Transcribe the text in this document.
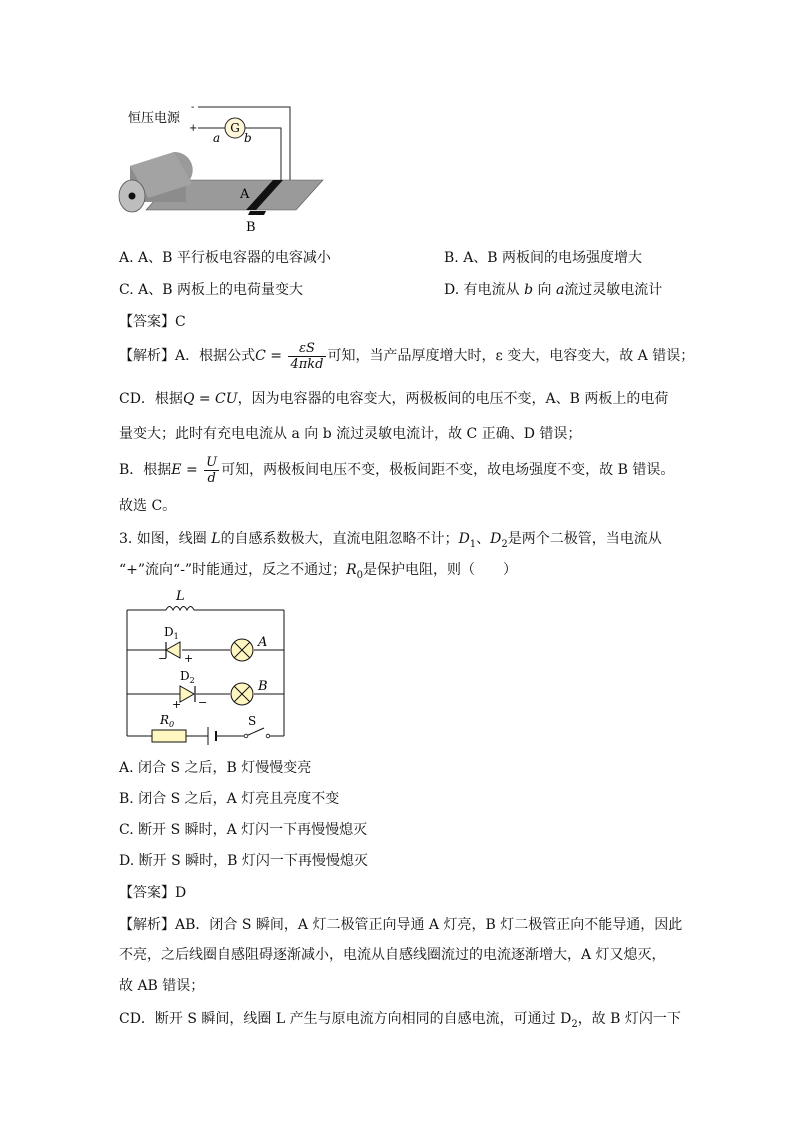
G
恒压电源
-
+
a b
A
B
A. A、B 平行板电容器的电容减小	B. A、B 两板间的电场强度增大
C. A、B 两板上的电荷量变大	D. 有电流从 b 向 a流过灵敏电流计
【答案】C
【解析】A．根据公式$C = \frac{\varepsilon S}{\text{4πkd}}$ 可知，当产品厚度增大时，ε 变大，电容变大，故 A 错误；
CD．根据Q = CU，因为电容器的电容变大，两极板间的电压不变，A、B 两板上的电荷
量变大；此时有充电电流从 a 向 b 流过灵敏电流计，故 C 正确、D 错误；
B．根据$E = \frac{U}{d}$ 可知，两极板间电压不变，极板间距不变，故电场强度不变，故 B 错误。
故选 C。
3. 如图，线圈 L的自感系数极大，直流电阻忽略不计；$D_1$、$D_2$是两个二极管，当电流从
“+”流向“-”时能通过，反之不通过；$R_0$是保护电阻，则（　　）
L
$D_1$
− +
$D_2$
+ −
A
B
$R_0$	S
A. 闭合 S 之后，B 灯慢慢变亮
B. 闭合 S 之后，A 灯亮且亮度不变
C. 断开 S 瞬时，A 灯闪一下再慢慢熄灭
D. 断开 S 瞬时，B 灯闪一下再慢慢熄灭
【答案】D
【解析】AB．闭合 S 瞬间，A 灯二极管正向导通 A 灯亮，B 灯二极管正向不能导通，因此
不亮，之后线圈自感阻碍逐渐减小，电流从自感线圈流过的电流逐渐增大，A 灯又熄灭，
故 AB 错误；
CD．断开 S 瞬间，线圈 L 产生与原电流方向相同的自感电流，可通过 $D_2$，故 B 灯闪一下
